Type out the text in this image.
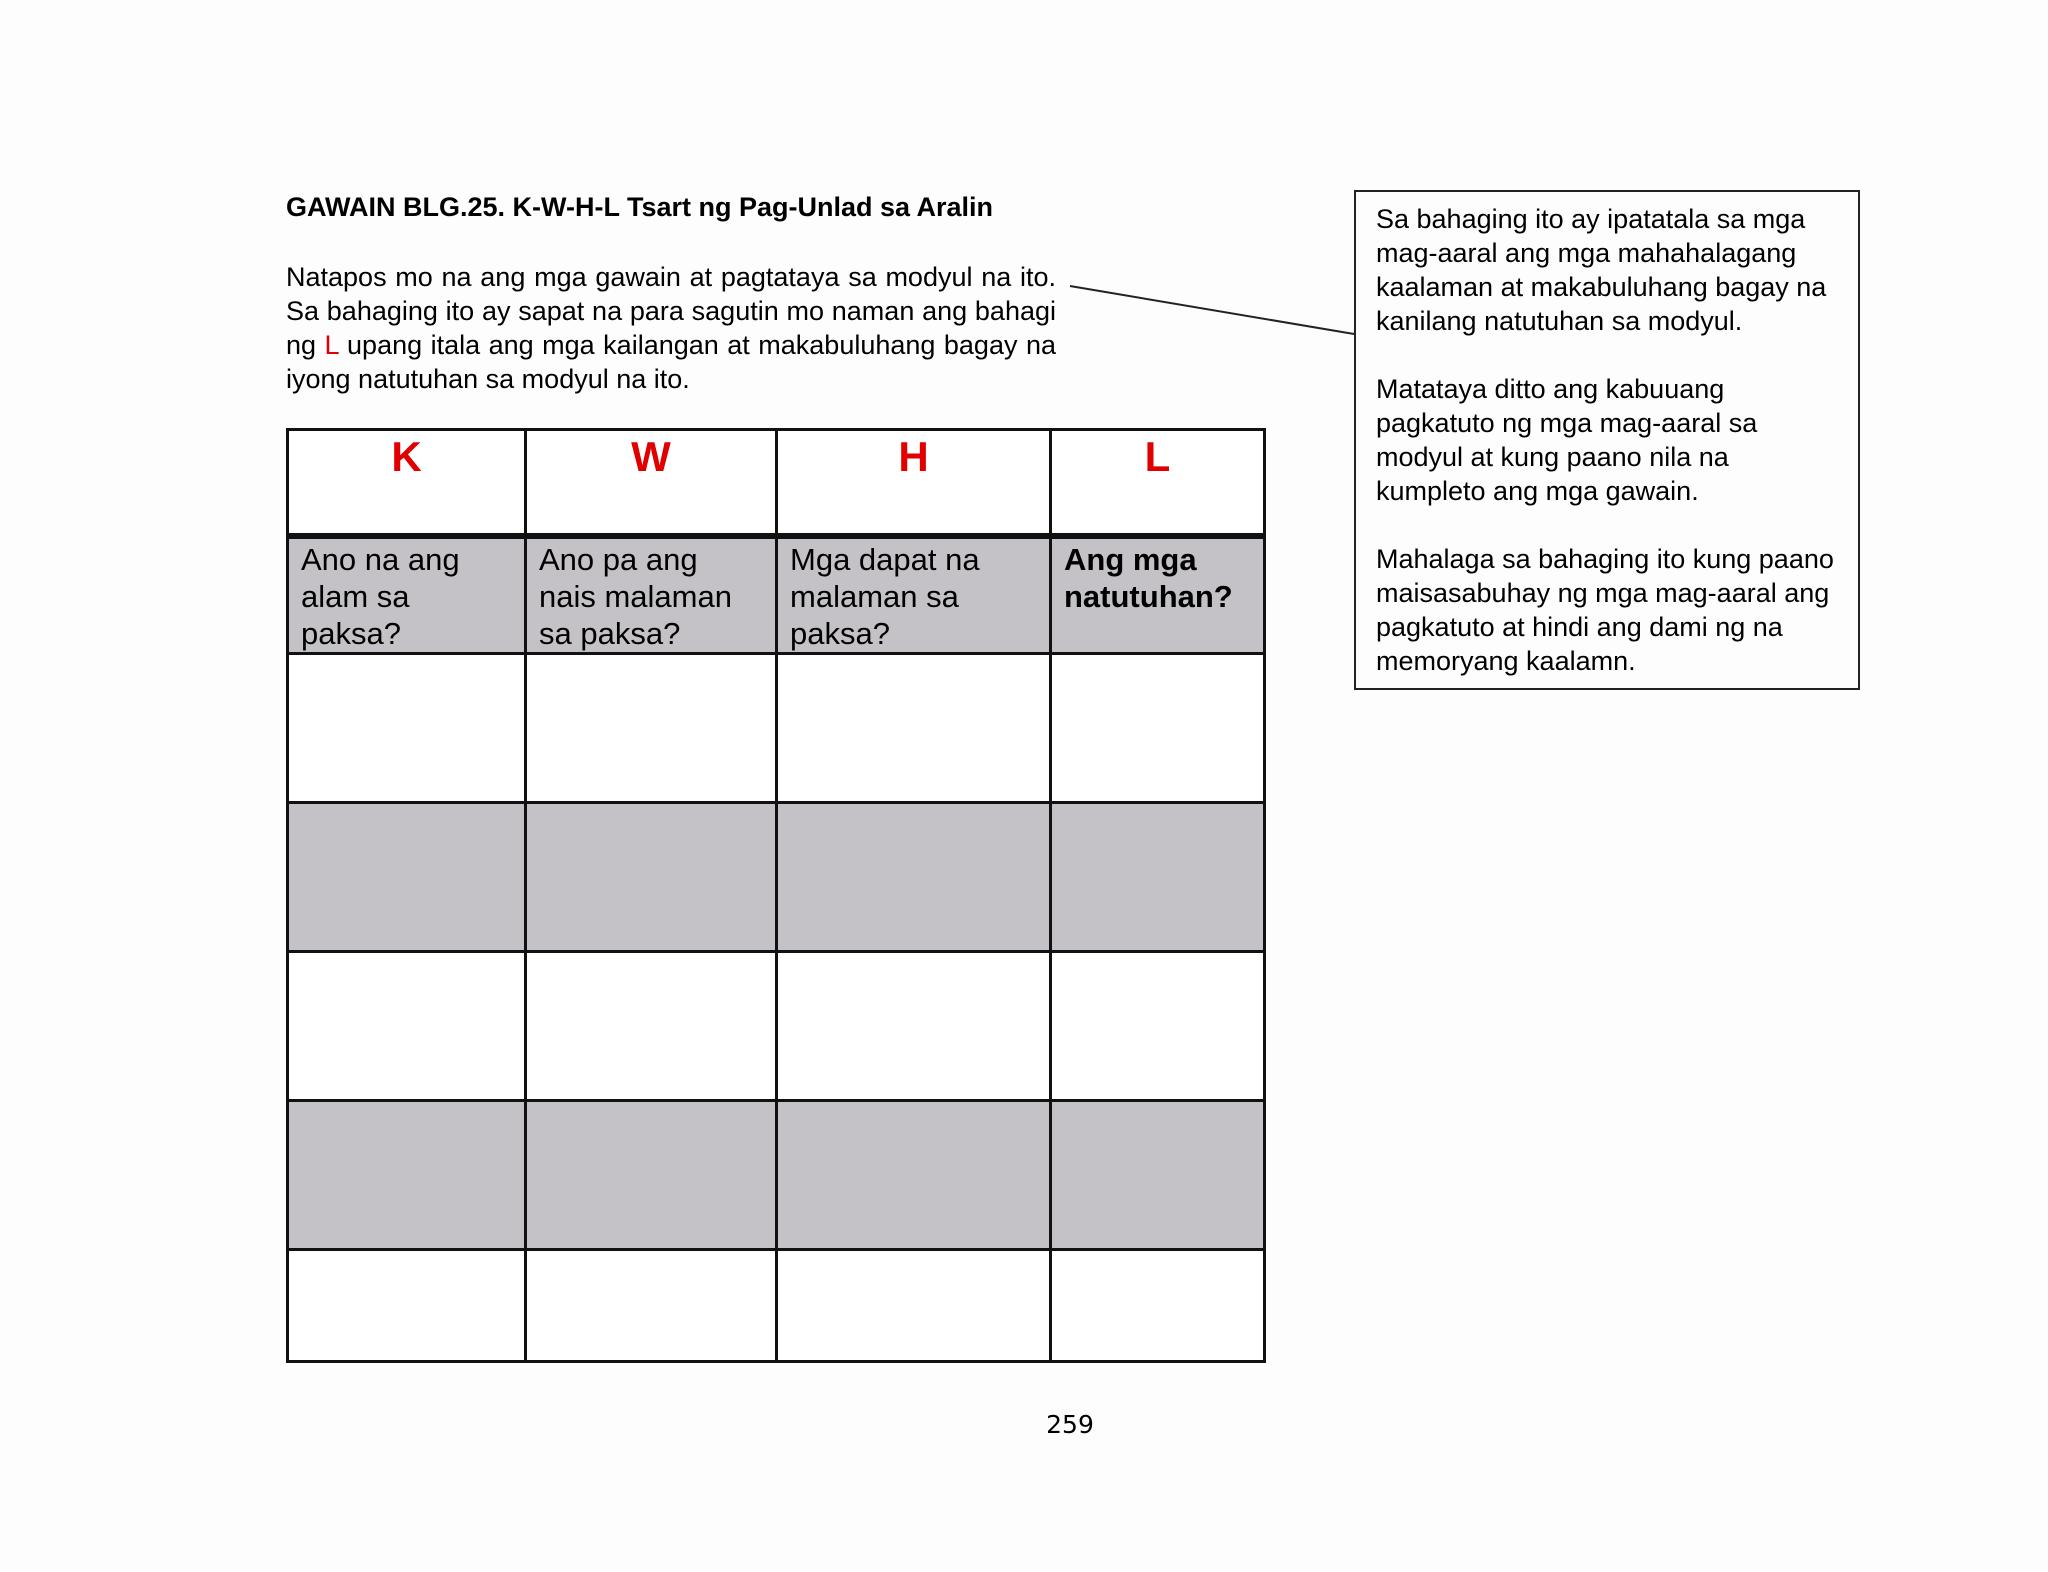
GAWAIN BLG.25. K-W-H-L Tsart ng Pag-Unlad sa Aralin
Natapos mo na ang mga gawain at pagtataya sa modyul na ito. Sa bahaging ito ay sapat na para sagutin mo naman ang bahagi ng L upang itala ang mga kailangan at makabuluhang bagay na iyong natutuhan sa modyul na ito.

Sa bahaging ito ay ipatatala sa mga mag-aaral ang mga mahahalagang kaalaman at makabuluhang bagay na kanilang natutuhan sa modyul.

Matataya ditto ang kabuuang pagkatuto ng mga mag-aaral sa modyul at kung paano nila na kumpleto ang mga gawain.

Mahalaga sa bahaging ito kung paano maisasabuhay ng mga mag-aaral ang pagkatuto at hindi ang dami ng na memoryang kaalamn.

K	W	H	L
Ano na ang alam sa paksa?	Ano pa ang nais malaman sa paksa?	Mga dapat na malaman sa paksa?	Ang mga natutuhan?

259
